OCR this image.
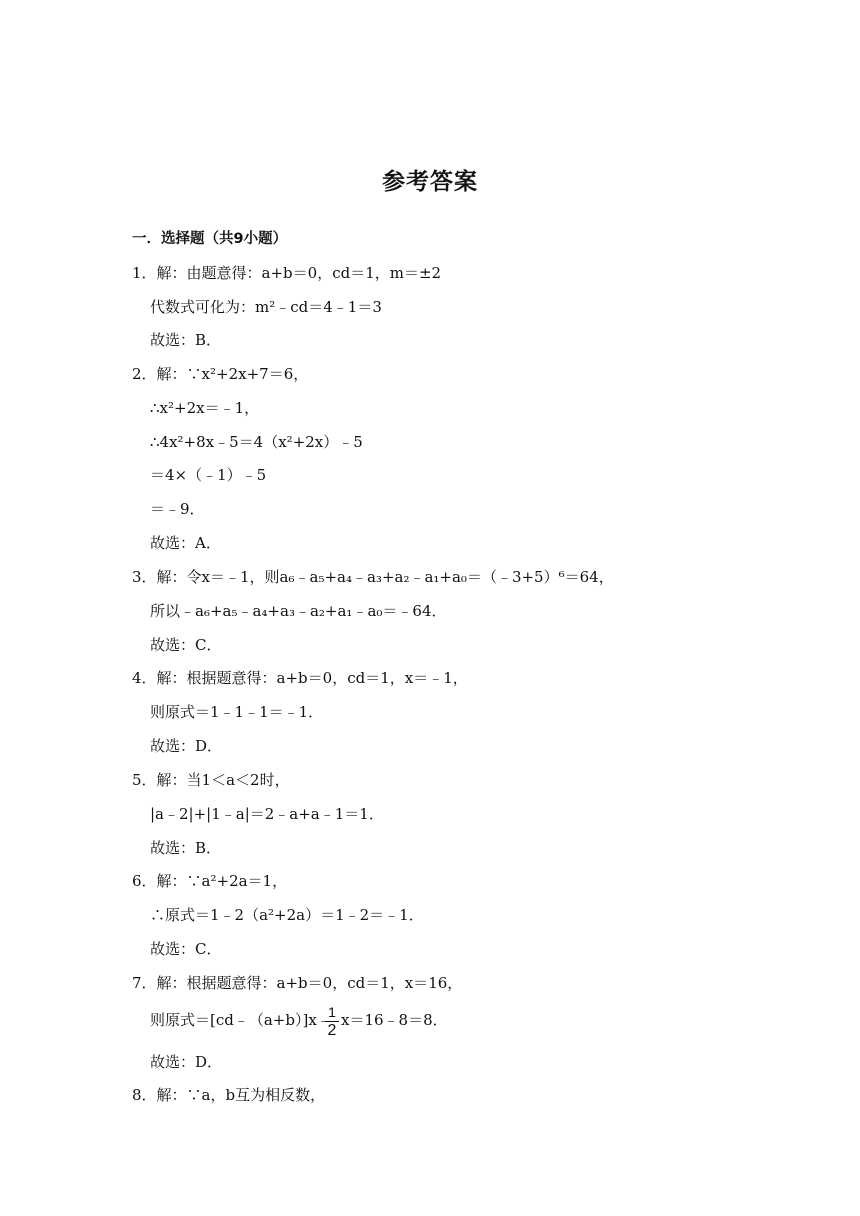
参考答案
一．选择题（共9小题）
1．解：由题意得：a+b＝0，cd＝1，m＝±2
代数式可化为：m²﹣cd＝4﹣1＝3
故选：B．
2．解：∵x²+2x+7＝6，
∴x²+2x＝﹣1，
∴4x²+8x﹣5＝4（x²+2x）﹣5
＝4×（﹣1）﹣5
＝﹣9．
故选：A．
3．解：令x＝﹣1，则a₆﹣a₅+a₄﹣a₃+a₂﹣a₁+a₀＝（﹣3+5）⁶＝64，
所以﹣a₆+a₅﹣a₄+a₃﹣a₂+a₁﹣a₀＝﹣64．
故选：C．
4．解：根据题意得：a+b＝0，cd＝1，x＝﹣1，
则原式＝1﹣1﹣1＝﹣1．
故选：D．
5．解：当1＜a＜2时，
|a﹣2|+|1﹣a|＝2﹣a+a﹣1＝1．
故选：B．
6．解：∵a²+2a＝1，
∴原式＝1﹣2（a²+2a）＝1﹣2＝﹣1．
故选：C．
7．解：根据题意得：a+b＝0，cd＝1，x＝16，
则原式＝[cd﹣（a+b）]x﹣
$\frac{1}{2}$ x＝16﹣8＝8．
故选：D．
8．解：∵a，b互为相反数，
